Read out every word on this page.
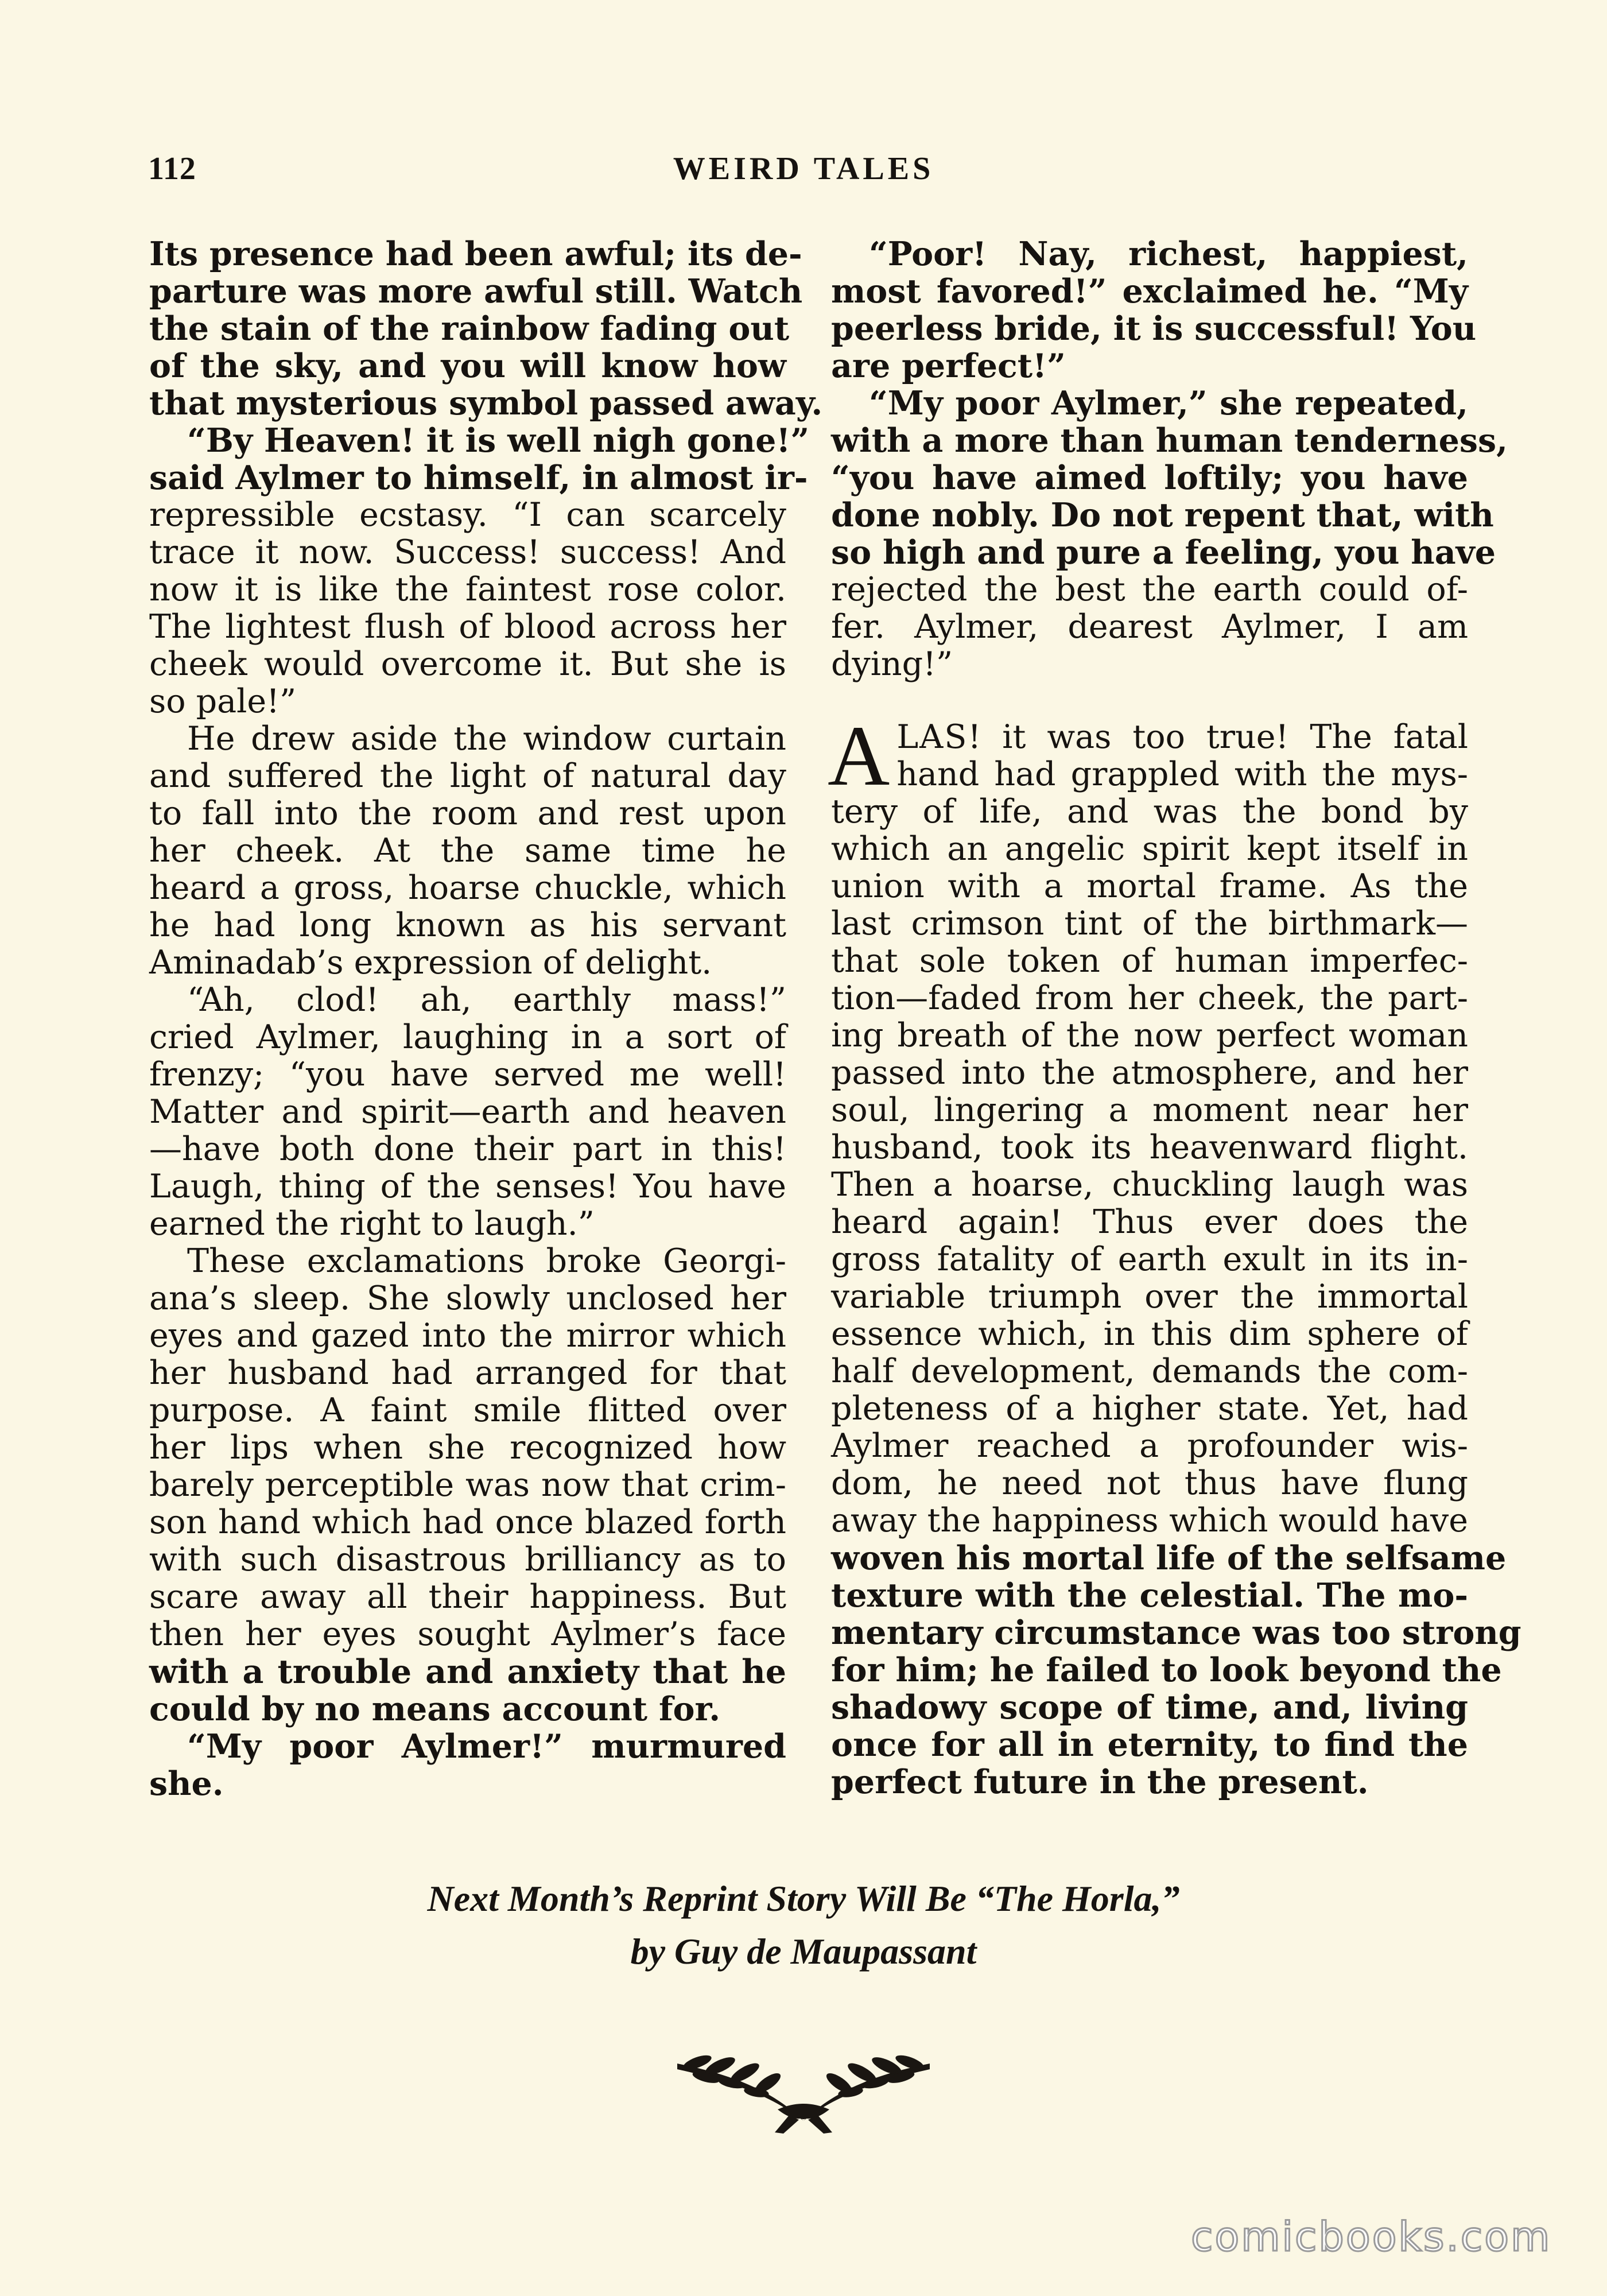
112	WEIRD TALES
Its presence had been awful; its de-
parture was more awful still. Watch
the stain of the rainbow fading out
of the sky, and you will know how
that mysterious symbol passed away.
“By Heaven! it is well nigh gone!”
said Aylmer to himself, in almost ir-
repressible ecstasy. “I can scarcely
trace it now. Success! success! And
now it is like the faintest rose color.
The lightest flush of blood across her
cheek would overcome it. But she is
so pale!”
He drew aside the window curtain
and suffered the light of natural day
to fall into the room and rest upon
her cheek. At the same time he
heard a gross, hoarse chuckle, which
he had long known as his servant
Aminadab’s expression of delight.
“Ah, clod! ah, earthly mass!”
cried Aylmer, laughing in a sort of
frenzy; “you have served me well!
Matter and spirit—earth and heaven
—have both done their part in this!
Laugh, thing of the senses! You have
earned the right to laugh.”
These exclamations broke Georgi-
ana’s sleep. She slowly unclosed her
eyes and gazed into the mirror which
her husband had arranged for that
purpose. A faint smile flitted over
her lips when she recognized how
barely perceptible was now that crim-
son hand which had once blazed forth
with such disastrous brilliancy as to
scare away all their happiness. But
then her eyes sought Aylmer’s face
with a trouble and anxiety that he
could by no means account for.
“My poor Aylmer!” murmured
she.
“Poor! Nay, richest, happiest,
most favored!” exclaimed he. “My
peerless bride, it is successful! You
are perfect!”
“My poor Aylmer,” she repeated,
with a more than human tenderness,
“you have aimed loftily; you have
done nobly. Do not repent that, with
so high and pure a feeling, you have
rejected the best the earth could of-
fer. Aylmer, dearest Aylmer, I am
dying!”
A LAS! it was too true! The fatal
hand had grappled with the mys-
tery of life, and was the bond by
which an angelic spirit kept itself in
union with a mortal frame. As the
last crimson tint of the birthmark—
that sole token of human imperfec-
tion—faded from her cheek, the part-
ing breath of the now perfect woman
passed into the atmosphere, and her
soul, lingering a moment near her
husband, took its heavenward flight.
Then a hoarse, chuckling laugh was
heard again! Thus ever does the
gross fatality of earth exult in its in-
variable triumph over the immortal
essence which, in this dim sphere of
half development, demands the com-
pleteness of a higher state. Yet, had
Aylmer reached a profounder wis-
dom, he need not thus have flung
away the happiness which would have
woven his mortal life of the selfsame
texture with the celestial. The mo-
mentary circumstance was too strong
for him; he failed to look beyond the
shadowy scope of time, and, living
once for all in eternity, to find the
perfect future in the present.
Next Month’s Reprint Story Will Be “The Horla,”
by Guy de Maupassant
comicbooks.com
